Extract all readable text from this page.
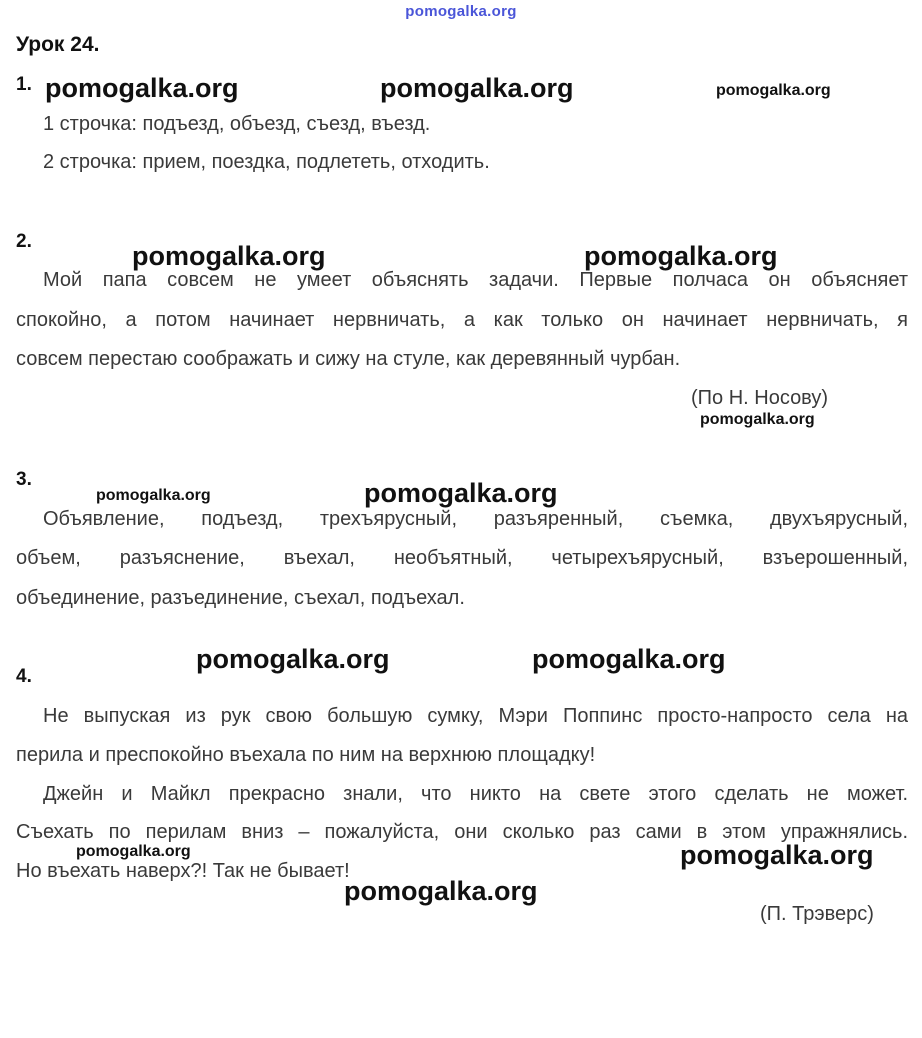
pomogalka.org
Урок 24.
1.
1 строчка: подъезд, объезд, съезд, въезд.
2 строчка: прием, поездка, подлететь, отходить.
2.
Мой папа совсем не умеет объяснять задачи. Первые полчаса он объясняет
спокойно, а потом начинает нервничать, а как только он начинает нервничать, я
совсем перестаю соображать и сижу на стуле, как деревянный чурбан.
(По Н. Носову)
3.
Объявление, подъезд, трехъярусный, разъяренный, съемка, двухъярусный,
объем, разъяснение, въехал, необъятный, четырехъярусный, взъерошенный,
объединение, разъединение, съехал, подъехал.
4.
Не выпуская из рук свою большую сумку, Мэри Поппинс просто-напросто села на
перила и преспокойно въехала по ним на верхнюю площадку!
Джейн и Майкл прекрасно знали, что никто на свете этого сделать не может.
Съехать по перилам вниз – пожалуйста, они сколько раз сами в этом упражнялись.
Но въехать наверх?! Так не бывает!
(П. Трэверс)
pomogalka.org	pomogalka.org	pomogalka.org
pomogalka.org	pomogalka.org
pomogalka.org
pomogalka.org	pomogalka.org
pomogalka.org	pomogalka.org
pomogalka.org	pomogalka.org
pomogalka.org
